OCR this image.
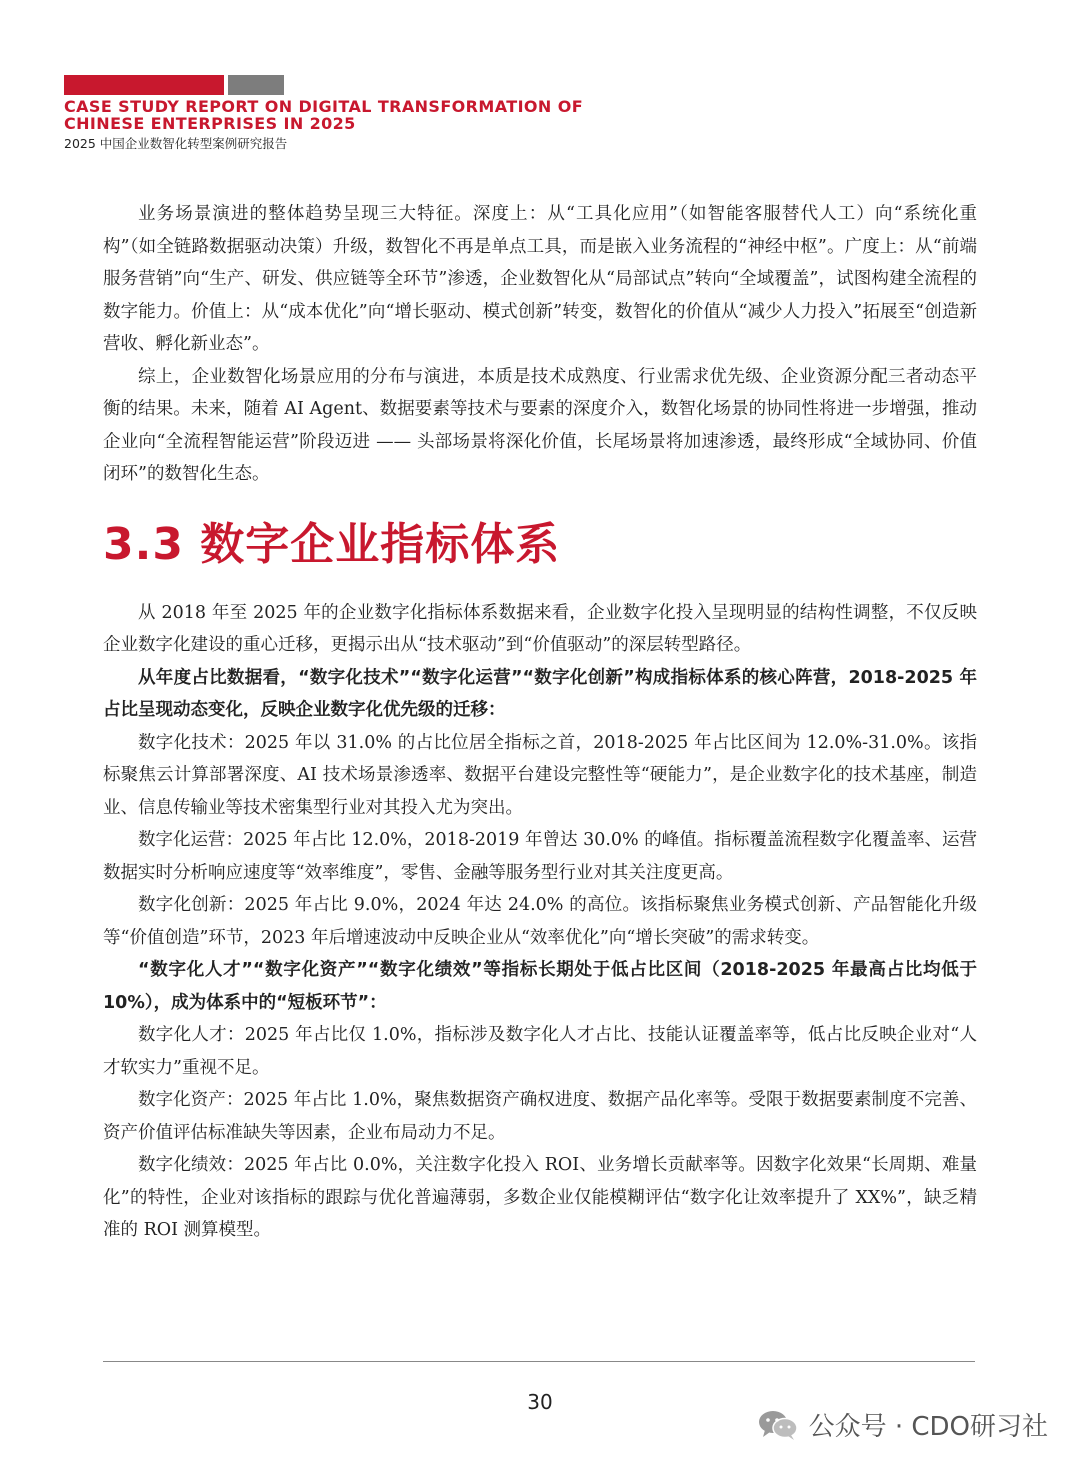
CASE STUDY REPORT ON DIGITAL TRANSFORMATION OF
CHINESE ENTERPRISES IN 2025
2025 中国企业数智化转型案例研究报告

业务场景演进的整体趋势呈现三大特征。深度上：从“工具化应用”（如智能客服替代人工）向“系统化重构”（如全链路数据驱动决策）升级，数智化不再是单点工具，而是嵌入业务流程的“神经中枢”。广度上：从“前端服务营销”向“生产、研发、供应链等全环节”渗透，企业数智化从“局部试点”转向“全域覆盖”，试图构建全流程的数字能力。价值上：从“成本优化”向“增长驱动、模式创新”转变，数智化的价值从“减少人力投入”拓展至“创造新营收、孵化新业态”。

综上，企业数智化场景应用的分布与演进，本质是技术成熟度、行业需求优先级、企业资源分配三者动态平衡的结果。未来，随着 AI Agent、数据要素等技术与要素的深度介入，数智化场景的协同性将进一步增强，推动企业向“全流程智能运营”阶段迈进 —— 头部场景将深化价值，长尾场景将加速渗透，最终形成“全域协同、价值闭环”的数智化生态。

3.3 数字企业指标体系

从 2018 年至 2025 年的企业数字化指标体系数据来看，企业数字化投入呈现明显的结构性调整，不仅反映企业数字化建设的重心迁移，更揭示出从“技术驱动”到“价值驱动”的深层转型路径。

从年度占比数据看，“数字化技术”“数字化运营”“数字化创新”构成指标体系的核心阵营，2018-2025 年占比呈现动态变化，反映企业数字化优先级的迁移：

数字化技术：2025 年以 31.0% 的占比位居全指标之首，2018-2025 年占比区间为 12.0%-31.0%。该指标聚焦云计算部署深度、AI 技术场景渗透率、数据平台建设完整性等“硬能力”，是企业数字化的技术基座，制造业、信息传输业等技术密集型行业对其投入尤为突出。

数字化运营：2025 年占比 12.0%，2018-2019 年曾达 30.0% 的峰值。指标覆盖流程数字化覆盖率、运营数据实时分析响应速度等“效率维度”，零售、金融等服务型行业对其关注度更高。

数字化创新：2025 年占比 9.0%，2024 年达 24.0% 的高位。该指标聚焦业务模式创新、产品智能化升级等“价值创造”环节，2023 年后增速波动中反映企业从“效率优化”向“增长突破”的需求转变。

“数字化人才”“数字化资产”“数字化绩效”等指标长期处于低占比区间（2018-2025 年最高占比均低于 10%），成为体系中的“短板环节”：

数字化人才：2025 年占比仅 1.0%，指标涉及数字化人才占比、技能认证覆盖率等，低占比反映企业对“人才软实力”重视不足。

数字化资产：2025 年占比 1.0%，聚焦数据资产确权进度、数据产品化率等。受限于数据要素制度不完善、资产价值评估标准缺失等因素，企业布局动力不足。

数字化绩效：2025 年占比 0.0%，关注数字化投入 ROI、业务增长贡献率等。因数字化效果“长周期、难量化”的特性，企业对该指标的跟踪与优化普遍薄弱，多数企业仅能模糊评估“数字化让效率提升了 XX%”，缺乏精准的 ROI 测算模型。

30
公众号 · CDO研习社
